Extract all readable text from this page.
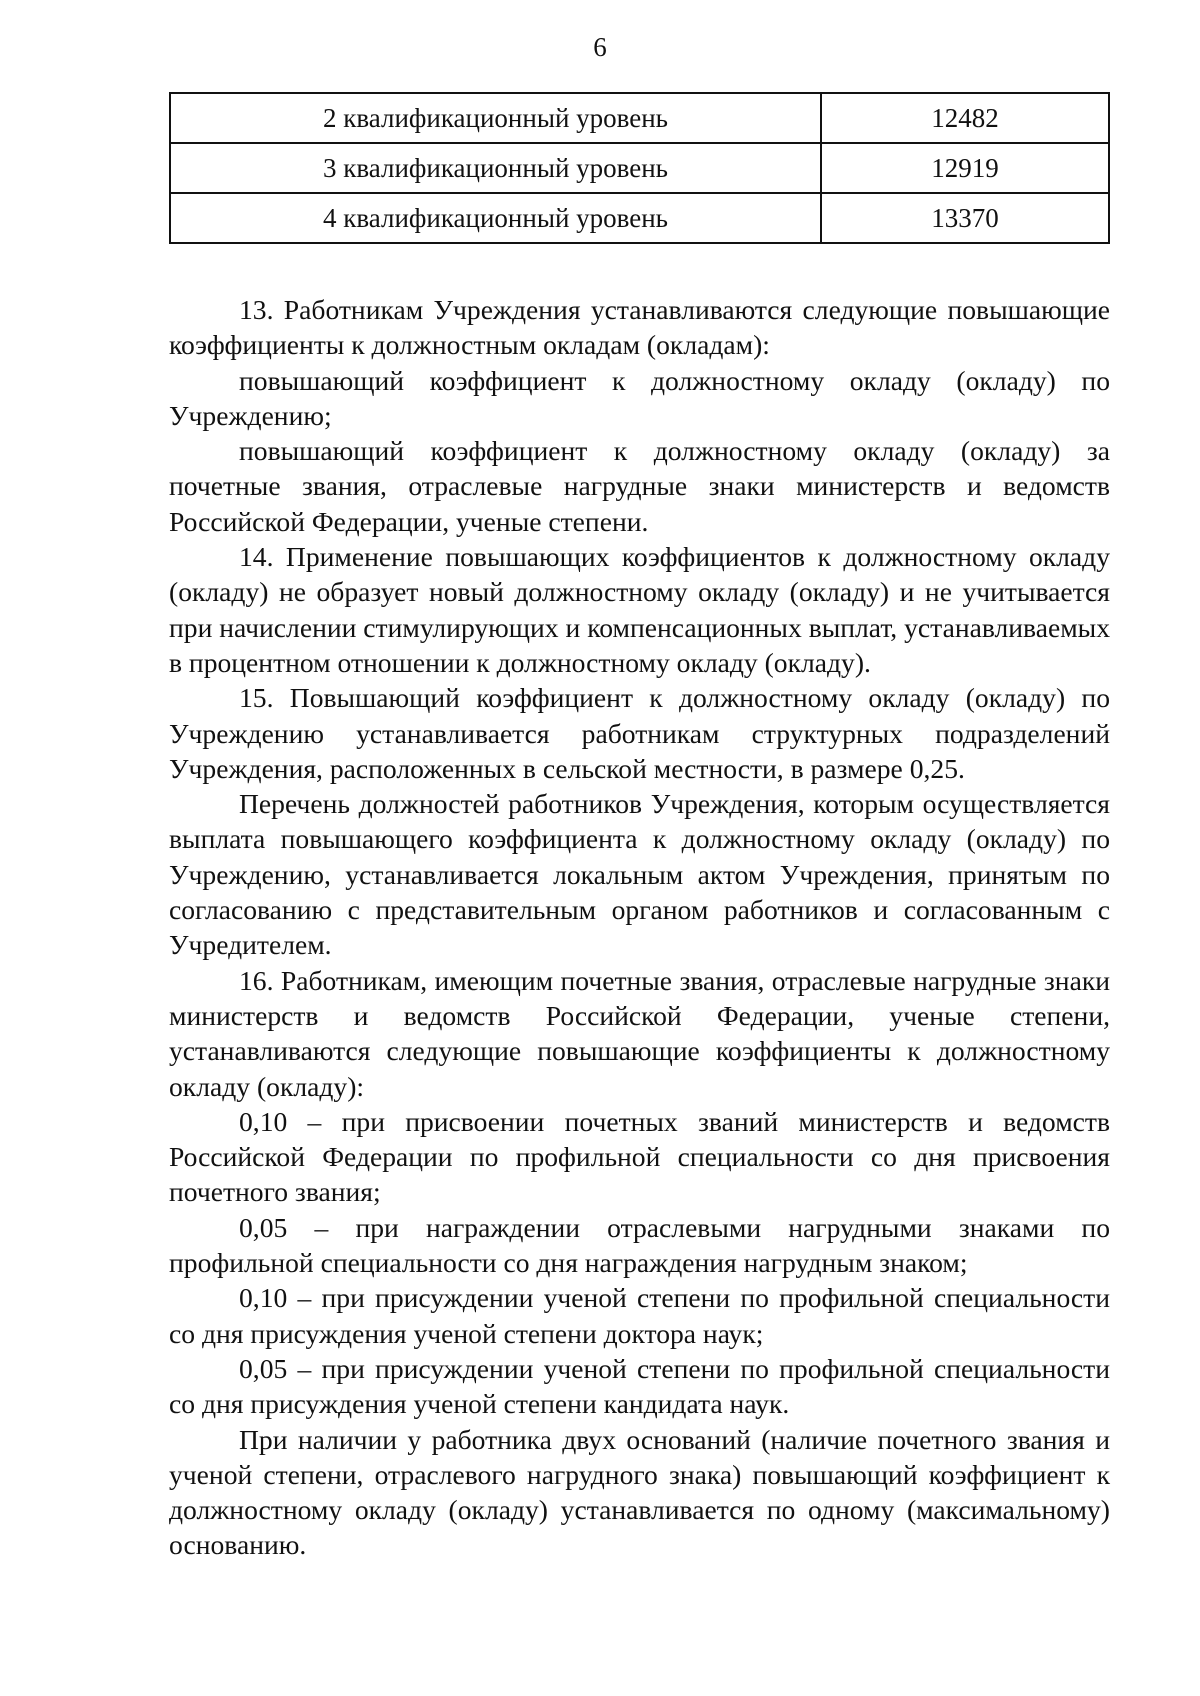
6
2 квалификационный уровень	12482
3 квалификационный уровень	12919
4 квалификационный уровень	13370

13. Работникам Учреждения устанавливаются следующие повышающие коэффициенты к должностным окладам (окладам):

повышающий коэффициент к должностному окладу (окладу) по Учреждению;

повышающий коэффициент к должностному окладу (окладу) за почетные звания, отраслевые нагрудные знаки министерств и ведомств Российской Федерации, ученые степени.

14. Применение повышающих коэффициентов к должностному окладу (окладу) не образует новый должностному окладу (окладу) и не учитывается при начислении стимулирующих и компенсационных выплат, устанавливаемых в процентном отношении к должностному окладу (окладу).

15. Повышающий коэффициент к должностному окладу (окладу) по Учреждению устанавливается работникам структурных подразделений Учреждения, расположенных в сельской местности, в размере 0,25.

Перечень должностей работников Учреждения, которым осуществляется выплата повышающего коэффициента к должностному окладу (окладу) по Учреждению, устанавливается локальным актом Учреждения, принятым по согласованию с представительным органом работников и согласованным с Учредителем.

16. Работникам, имеющим почетные звания, отраслевые нагрудные знаки министерств и ведомств Российской Федерации, ученые степени, устанавливаются следующие повышающие коэффициенты к должностному окладу (окладу):

0,10 – при присвоении почетных званий министерств и ведомств Российской Федерации по профильной специальности со дня присвоения почетного звания;

0,05 – при награждении отраслевыми нагрудными знаками по профильной специальности со дня награждения нагрудным знаком;

0,10 – при присуждении ученой степени по профильной специальности со дня присуждения ученой степени доктора наук;

0,05 – при присуждении ученой степени по профильной специальности со дня присуждения ученой степени кандидата наук.

При наличии у работника двух оснований (наличие почетного звания и ученой степени, отраслевого нагрудного знака) повышающий коэффициент к должностному окладу (окладу) устанавливается по одному (максимальному) основанию.
